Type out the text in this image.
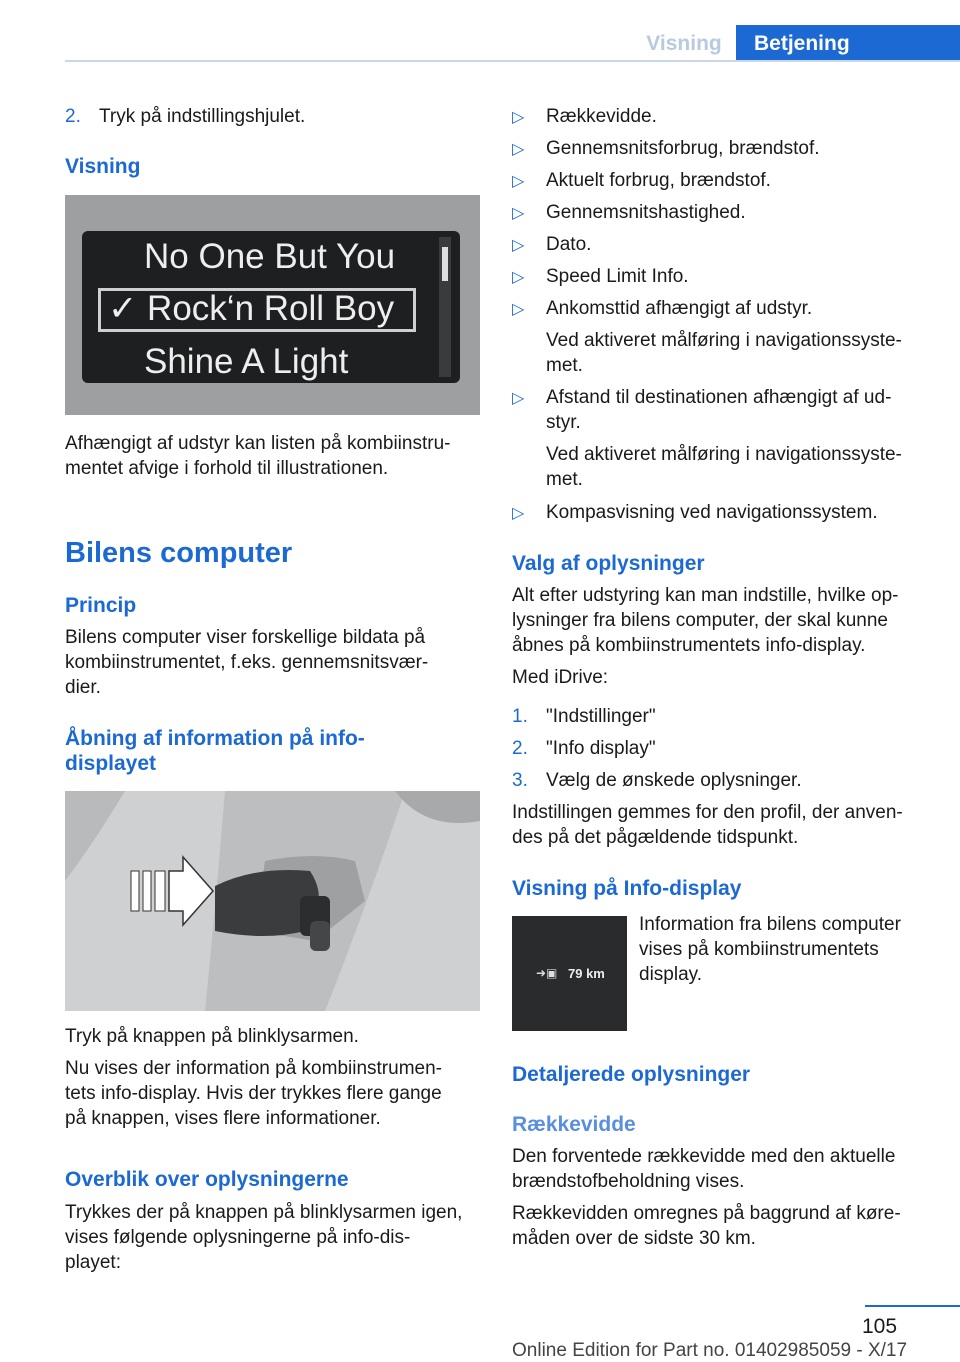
Visning	Betjening
2. Tryk på indstillingshjulet.
Visning
No One But You
✓ Rock‘n Roll Boy
Shine A Light
Afhængigt af udstyr kan listen på kombiinstru‐
mentet afvige i forhold til illustrationen.
Bilens computer
Princip
Bilens computer viser forskellige bildata på
kombiinstrumentet, f.eks. gennemsnitsvær‐
dier.
Åbning af information på info-
displayet
Tryk på knappen på blinklysarmen.
Nu vises der information på kombiinstrumen‐
tets info-display. Hvis der trykkes flere gange
på knappen, vises flere informationer.
Overblik over oplysningerne
Trykkes der på knappen på blinklysarmen igen,
vises følgende oplysningerne på info-dis‐
playet:
▷ Rækkevidde.
▷ Gennemsnitsforbrug, brændstof.
▷ Aktuelt forbrug, brændstof.
▷ Gennemsnitshastighed.
▷ Dato.
▷ Speed Limit Info.
▷ Ankomsttid afhængigt af udstyr.
Ved aktiveret målføring i navigationssyste‐
met.
▷ Afstand til destinationen afhængigt af ud‐
styr.
Ved aktiveret målføring i navigationssyste‐
met.
▷ Kompasvisning ved navigationssystem.
Valg af oplysninger
Alt efter udstyring kan man indstille, hvilke op‐
lysninger fra bilens computer, der skal kunne
åbnes på kombiinstrumentets info-display.
Med iDrive:
1. "Indstillinger"
2. "Info display"
3. Vælg de ønskede oplysninger.
Indstillingen gemmes for den profil, der anven‐
des på det pågældende tidspunkt.
Visning på Info-display
➜▣ 79 km
Information fra bilens computer
vises på kombiinstrumentets
display.
Detaljerede oplysninger
Rækkevidde
Den forventede rækkevidde med den aktuelle
brændstofbeholdning vises.
Rækkevidden omregnes på baggrund af køre‐
måden over de sidste 30 km.
105
Online Edition for Part no. 01402985059 - X/17
